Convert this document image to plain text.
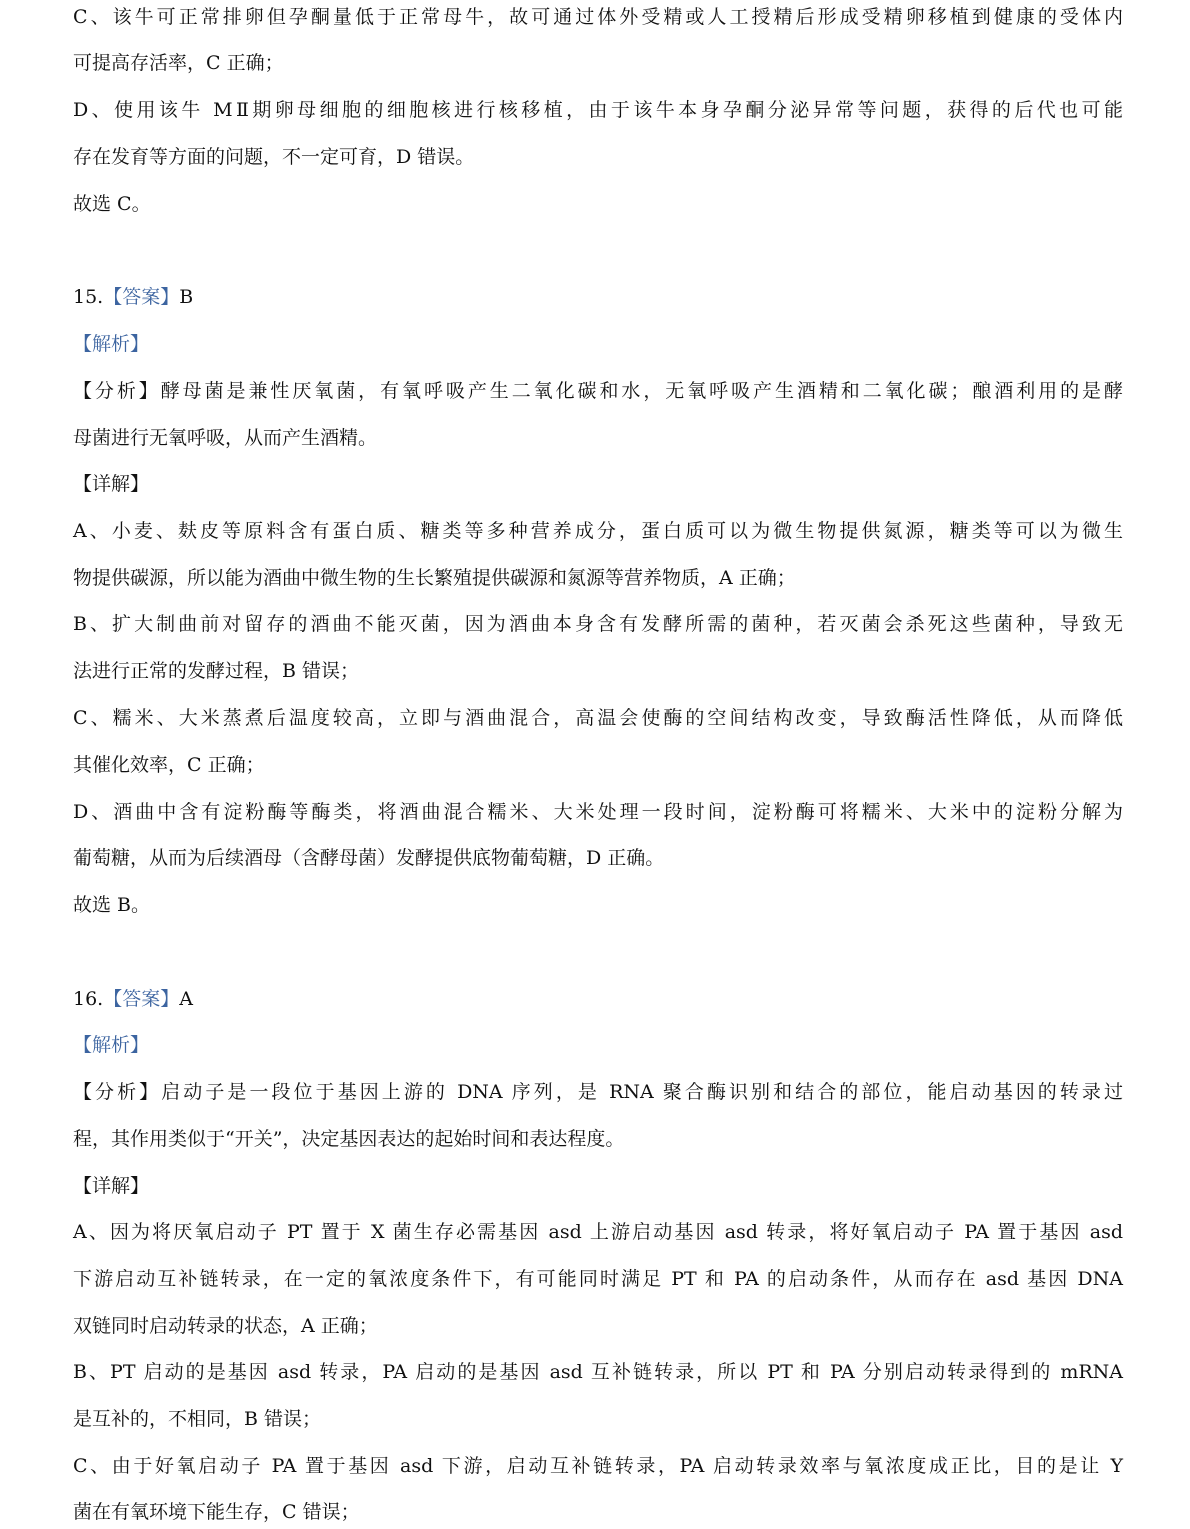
C、该牛可正常排卵但孕酮量低于正常母牛，故可通过体外受精或人工授精后形成受精卵移植到健康的受体内
可提高存活率，C 正确；
D、使用该牛 MⅡ期卵母细胞的细胞核进行核移植，由于该牛本身孕酮分泌异常等问题，获得的后代也可能
存在发育等方面的问题，不一定可育，D 错误。
故选 C。
15.【答案】B
【解析】
【分析】酵母菌是兼性厌氧菌，有氧呼吸产生二氧化碳和水，无氧呼吸产生酒精和二氧化碳；酿酒利用的是酵
母菌进行无氧呼吸，从而产生酒精。
【详解】
A、小麦、麸皮等原料含有蛋白质、糖类等多种营养成分，蛋白质可以为微生物提供氮源，糖类等可以为微生
物提供碳源，所以能为酒曲中微生物的生长繁殖提供碳源和氮源等营养物质，A 正确；
B、扩大制曲前对留存的酒曲不能灭菌，因为酒曲本身含有发酵所需的菌种，若灭菌会杀死这些菌种，导致无
法进行正常的发酵过程，B 错误；
C、糯米、大米蒸煮后温度较高，立即与酒曲混合，高温会使酶的空间结构改变，导致酶活性降低，从而降低
其催化效率，C 正确；
D、酒曲中含有淀粉酶等酶类，将酒曲混合糯米、大米处理一段时间，淀粉酶可将糯米、大米中的淀粉分解为
葡萄糖，从而为后续酒母（含酵母菌）发酵提供底物葡萄糖，D 正确。
故选 B。
16.【答案】A
【解析】
【分析】启动子是一段位于基因上游的 DNA 序列，是 RNA 聚合酶识别和结合的部位，能启动基因的转录过
程，其作用类似于“开关”，决定基因表达的起始时间和表达程度。
【详解】
A、因为将厌氧启动子 PT 置于 X 菌生存必需基因 asd 上游启动基因 asd 转录，将好氧启动子 PA 置于基因 asd
下游启动互补链转录，在一定的氧浓度条件下，有可能同时满足 PT 和 PA 的启动条件，从而存在 asd 基因 DNA
双链同时启动转录的状态，A 正确；
B、PT 启动的是基因 asd 转录，PA 启动的是基因 asd 互补链转录，所以 PT 和 PA 分别启动转录得到的 mRNA
是互补的，不相同，B 错误；
C、由于好氧启动子 PA 置于基因 asd 下游，启动互补链转录，PA 启动转录效率与氧浓度成正比，目的是让 Y
菌在有氧环境下能生存，C 错误；
